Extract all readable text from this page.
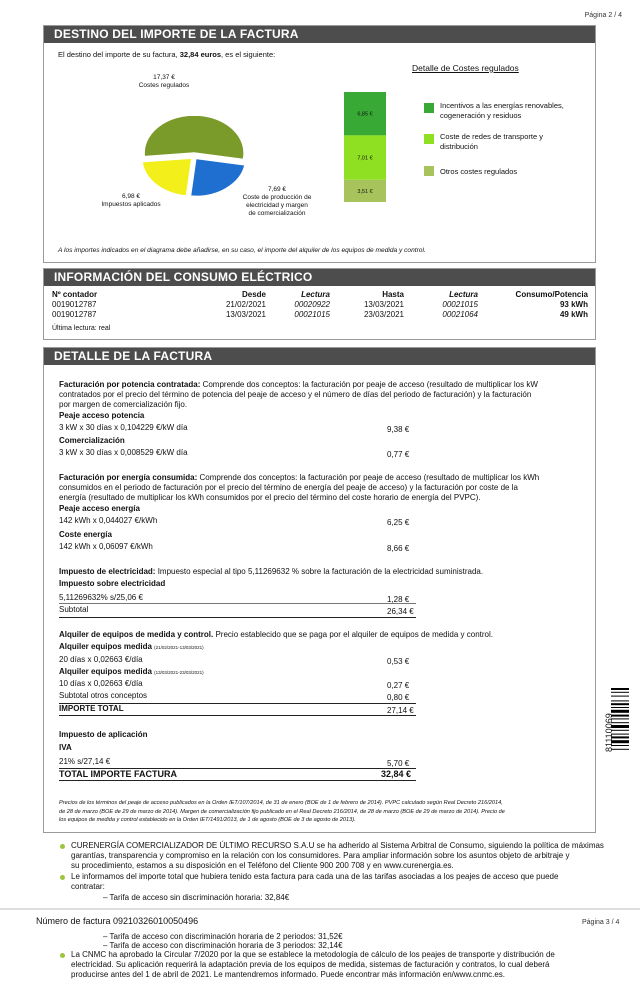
Página 2 / 4
DESTINO DEL IMPORTE DE LA FACTURA
El destino del importe de su factura, 32,84 euros, es el siguiente:
17,37 €
Costes regulados
6,98 €
Impuestos aplicados
7,69 €
Coste de producción de
electricidad y margen
de comercialización
6,85 €
7,01 €
3,51 €
Detalle de Costes regulados
Incentivos a las energías renovables,
cogeneración y residuos
Coste de redes de transporte y
distribución
Otros costes regulados
A los importes indicados en el diagrama debe añadirse, en su caso, el importe del alquiler de los equipos de medida y control.
INFORMACIÓN DEL CONSUMO ELÉCTRICO
Nº contador	Desde	Lectura	Hasta	Lectura	Consumo/Potencia
0019012787	21/02/2021	00020922	13/03/2021	00021015	93 kWh
0019012787	13/03/2021	00021015	23/03/2021	00021064	49 kWh
Última lectura: real
DETALLE DE LA FACTURA
Facturación por potencia contratada: Comprende dos conceptos: la facturación por peaje de acceso (resultado de multiplicar los kW
contratados por el precio del término de potencia del peaje de acceso y el número de días del periodo de facturación) y la facturación
por margen de comercialización fijo.
Peaje acceso potencia
3 kW x 30 días x 0,104229 €/kW día	9,38 €
Comercialización
3 kW x 30 días x 0,008529 €/kW día	0,77 €
Facturación por energía consumida: Comprende dos conceptos: la facturación por peaje de acceso (resultado de multiplicar los kWh
consumidos en el periodo de facturación por el precio del término de energía del peaje de acceso) y la facturación por coste de la
energía (resultado de multiplicar los kWh consumidos por el precio del término del coste horario de energía del PVPC).
Peaje acceso energía
142 kWh x 0,044027 €/kWh	6,25 €
Coste energía
142 kWh x 0,06097 €/kWh	8,66 €
Impuesto de electricidad: Impuesto especial al tipo 5,11269632 % sobre la facturación de la electricidad suministrada.
Impuesto sobre electricidad
5,11269632% s/25,06 €	1,28 €
Subtotal	26,34 €
Alquiler de equipos de medida y control. Precio establecido que se paga por el alquiler de equipos de medida y control.
Alquiler equipos medida (21/02/2021-13/03/2021)
20 días x 0,02663 €/día	0,53 €
Alquiler equipos medida (13/03/2021-23/03/2021)
10 días x 0,02663 €/día	0,27 €
Subtotal otros conceptos	0,80 €
IMPORTE TOTAL	27,14 €
Impuesto de aplicación
IVA
21% s/27,14 €	5,70 €
TOTAL IMPORTE FACTURA	32,84 €
Precios de los términos del peaje de acceso publicados en la Orden IET/107/2014, de 31 de enero (BOE de 1 de febrero de 2014). PVPC calculado según Real Decreto 216/2014,
de 28 de marzo (BOE de 29 de marzo de 2014). Margen de comercialización fijo publicado en el Real Decreto 216/2014, de 28 de marzo (BOE de 29 de marzo de 2014). Precio de
los equipos de medida y control establecido en la Orden IET/1491/2013, de 1 de agosto (BOE de 3 de agosto de 2013).
81110069
CURENERGÍA COMERCIALIZADOR DE ÚLTIMO RECURSO S.A.U se ha adherido al Sistema Arbitral de Consumo, siguiendo la política de máximas
garantías, transparencia y compromiso en la relación con los consumidores. Para ampliar información sobre los asuntos objeto de arbitraje y
su procedimiento, estamos a su disposición en el Teléfono del Cliente 900 200 708 y en www.curenergia.es.
Le informamos del importe total que hubiera tenido esta factura para cada una de las tarifas asociadas a los peajes de acceso que puede
contratar:
– Tarifa de acceso sin discriminación horaria: 32,84€
Número de factura 09210326010050496	Página 3 / 4
– Tarifa de acceso con discriminación horaria de 2 periodos: 31,52€
– Tarifa de acceso con discriminación horaria de 3 periodos: 32,14€
La CNMC ha aprobado la Circular 7/2020 por la que se establece la metodología de cálculo de los peajes de transporte y distribución de
electricidad. Su aplicación requerirá la adaptación previa de los equipos de medida, sistemas de facturación y contratos, lo cual deberá
producirse antes del 1 de abril de 2021. Le mantendremos informado. Puede encontrar más información en/www.cnmc.es.
